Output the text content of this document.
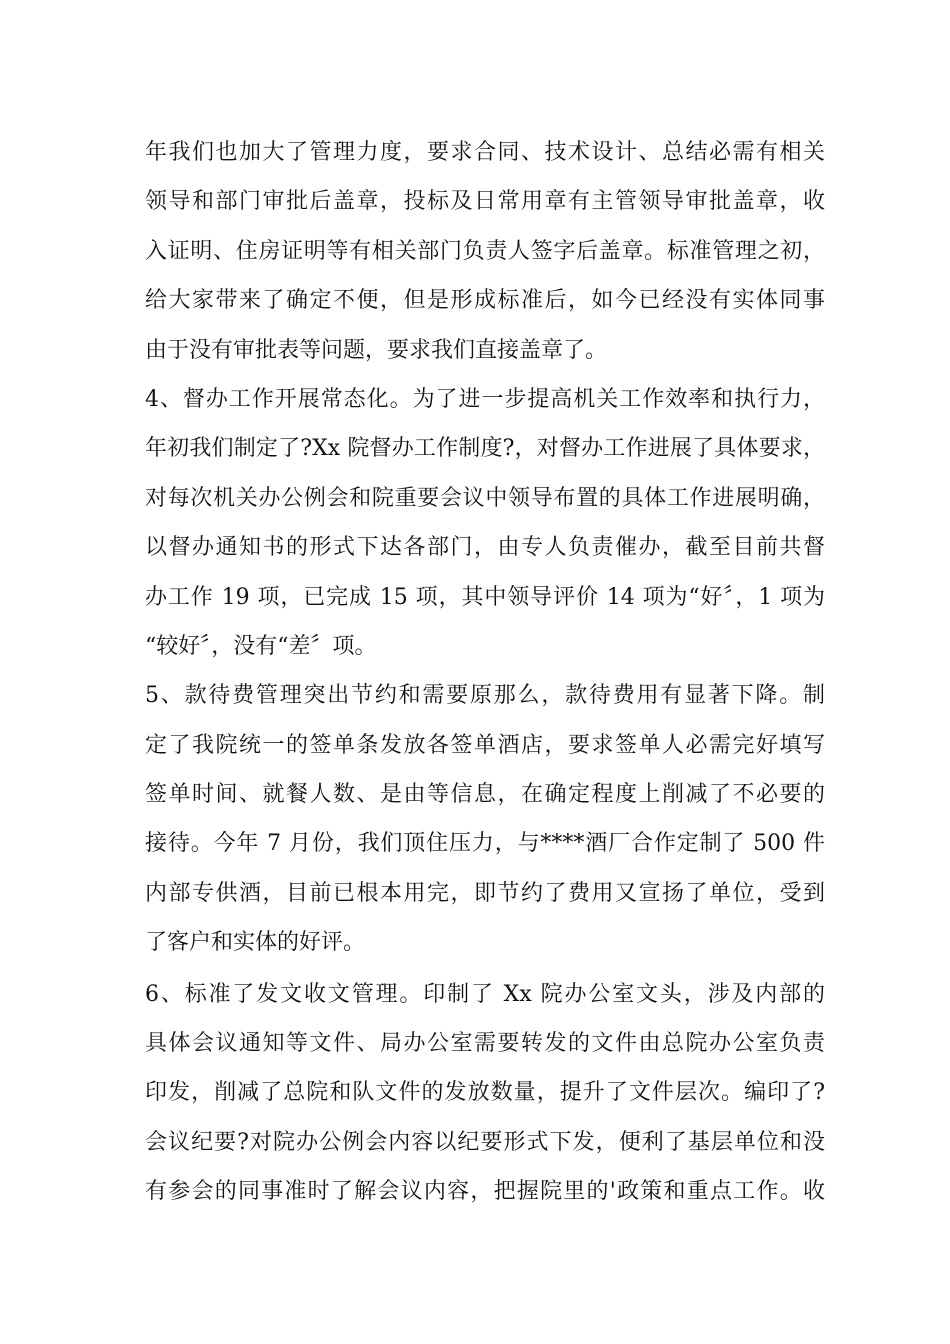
年我们也加大了管理力度，要求合同、技术设计、总结必需有相关
领导和部门审批后盖章，投标及日常用章有主管领导审批盖章，收
入证明、住房证明等有相关部门负责人签字后盖章。标准管理之初，
给大家带来了确定不便，但是形成标准后，如今已经没有实体同事
由于没有审批表等问题，要求我们直接盖章了。
4、督办工作开展常态化。为了进一步提高机关工作效率和执行力，
年初我们制定了?Xx 院督办工作制度?，对督办工作进展了具体要求，
对每次机关办公例会和院重要会议中领导布置的具体工作进展明确，
以督办通知书的形式下达各部门，由专人负责催办，截至目前共督
办工作 19 项，已完成 15 项，其中领导评价 14 项为“好〞，1 项为
“较好〞，没有“差〞项。
5、款待费管理突出节约和需要原那么，款待费用有显著下降。制
定了我院统一的签单条发放各签单酒店，要求签单人必需完好填写
签单时间、就餐人数、是由等信息，在确定程度上削减了不必要的
接待。今年 7 月份，我们顶住压力，与****酒厂合作定制了 500 件
内部专供酒，目前已根本用完，即节约了费用又宣扬了单位，受到
了客户和实体的好评。
6、标准了发文收文管理。印制了 Xx 院办公室文头，涉及内部的
具体会议通知等文件、局办公室需要转发的文件由总院办公室负责
印发，削减了总院和队文件的发放数量，提升了文件层次。编印了?
会议纪要?对院办公例会内容以纪要形式下发，便利了基层单位和没
有参会的同事准时了解会议内容，把握院里的'政策和重点工作。收
